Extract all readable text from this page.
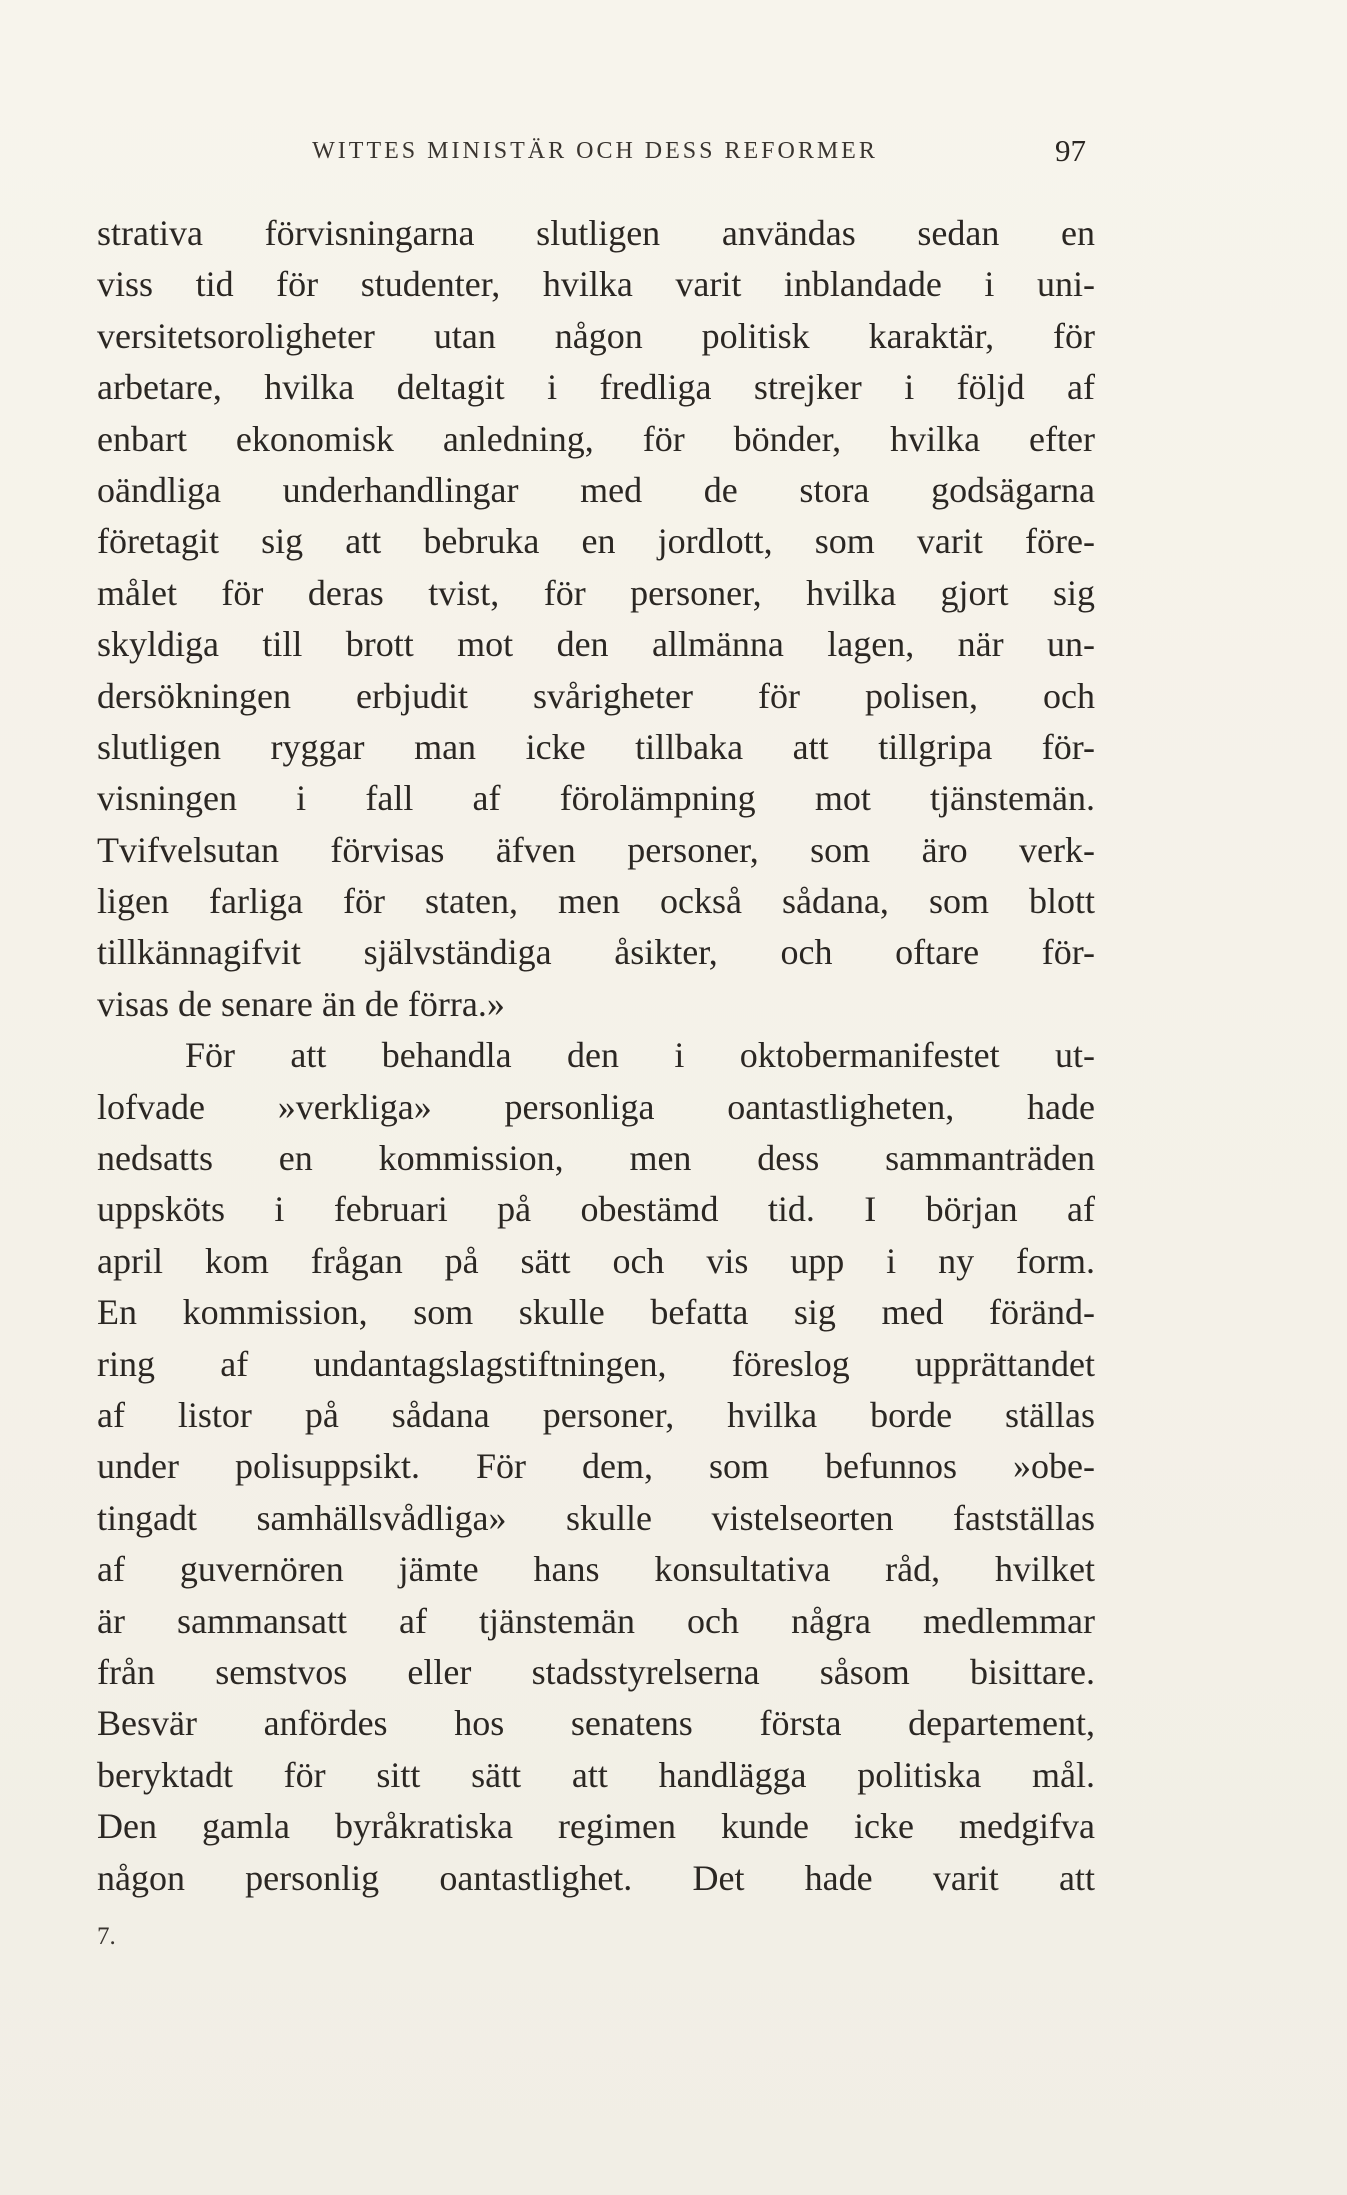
WITTES MINISTÄR OCH DESS REFORMER	97
strativa förvisningarna slutligen användas sedan en
viss tid för studenter, hvilka varit inblandade i uni-
versitetsoroligheter utan någon politisk karaktär, för
arbetare, hvilka deltagit i fredliga strejker i följd af
enbart ekonomisk anledning, för bönder, hvilka efter
oändliga underhandlingar med de stora godsägarna
företagit sig att bebruka en jordlott, som varit före-
målet för deras tvist, för personer, hvilka gjort sig
skyldiga till brott mot den allmänna lagen, när un-
dersökningen erbjudit svårigheter för polisen, och
slutligen ryggar man icke tillbaka att tillgripa för-
visningen i fall af förolämpning mot tjänstemän.
Tvifvelsutan förvisas äfven personer, som äro verk-
ligen farliga för staten, men också sådana, som blott
tillkännagifvit självständiga åsikter, och oftare för-
visas de senare än de förra.»
För att behandla den i oktobermanifestet ut-
lofvade »verkliga» personliga oantastligheten, hade
nedsatts en kommission, men dess sammanträden
uppsköts i februari på obestämd tid. I början af
april kom frågan på sätt och vis upp i ny form.
En kommission, som skulle befatta sig med föränd-
ring af undantagslagstiftningen, föreslog upprättandet
af listor på sådana personer, hvilka borde ställas
under polisuppsikt. För dem, som befunnos »obe-
tingadt samhällsvådliga» skulle vistelseorten fastställas
af guvernören jämte hans konsultativa råd, hvilket
är sammansatt af tjänstemän och några medlemmar
från semstvos eller stadsstyrelserna såsom bisittare.
Besvär anfördes hos senatens första departement,
beryktadt för sitt sätt att handlägga politiska mål.
Den gamla byråkratiska regimen kunde icke medgifva
någon personlig oantastlighet. Det hade varit att
7.
